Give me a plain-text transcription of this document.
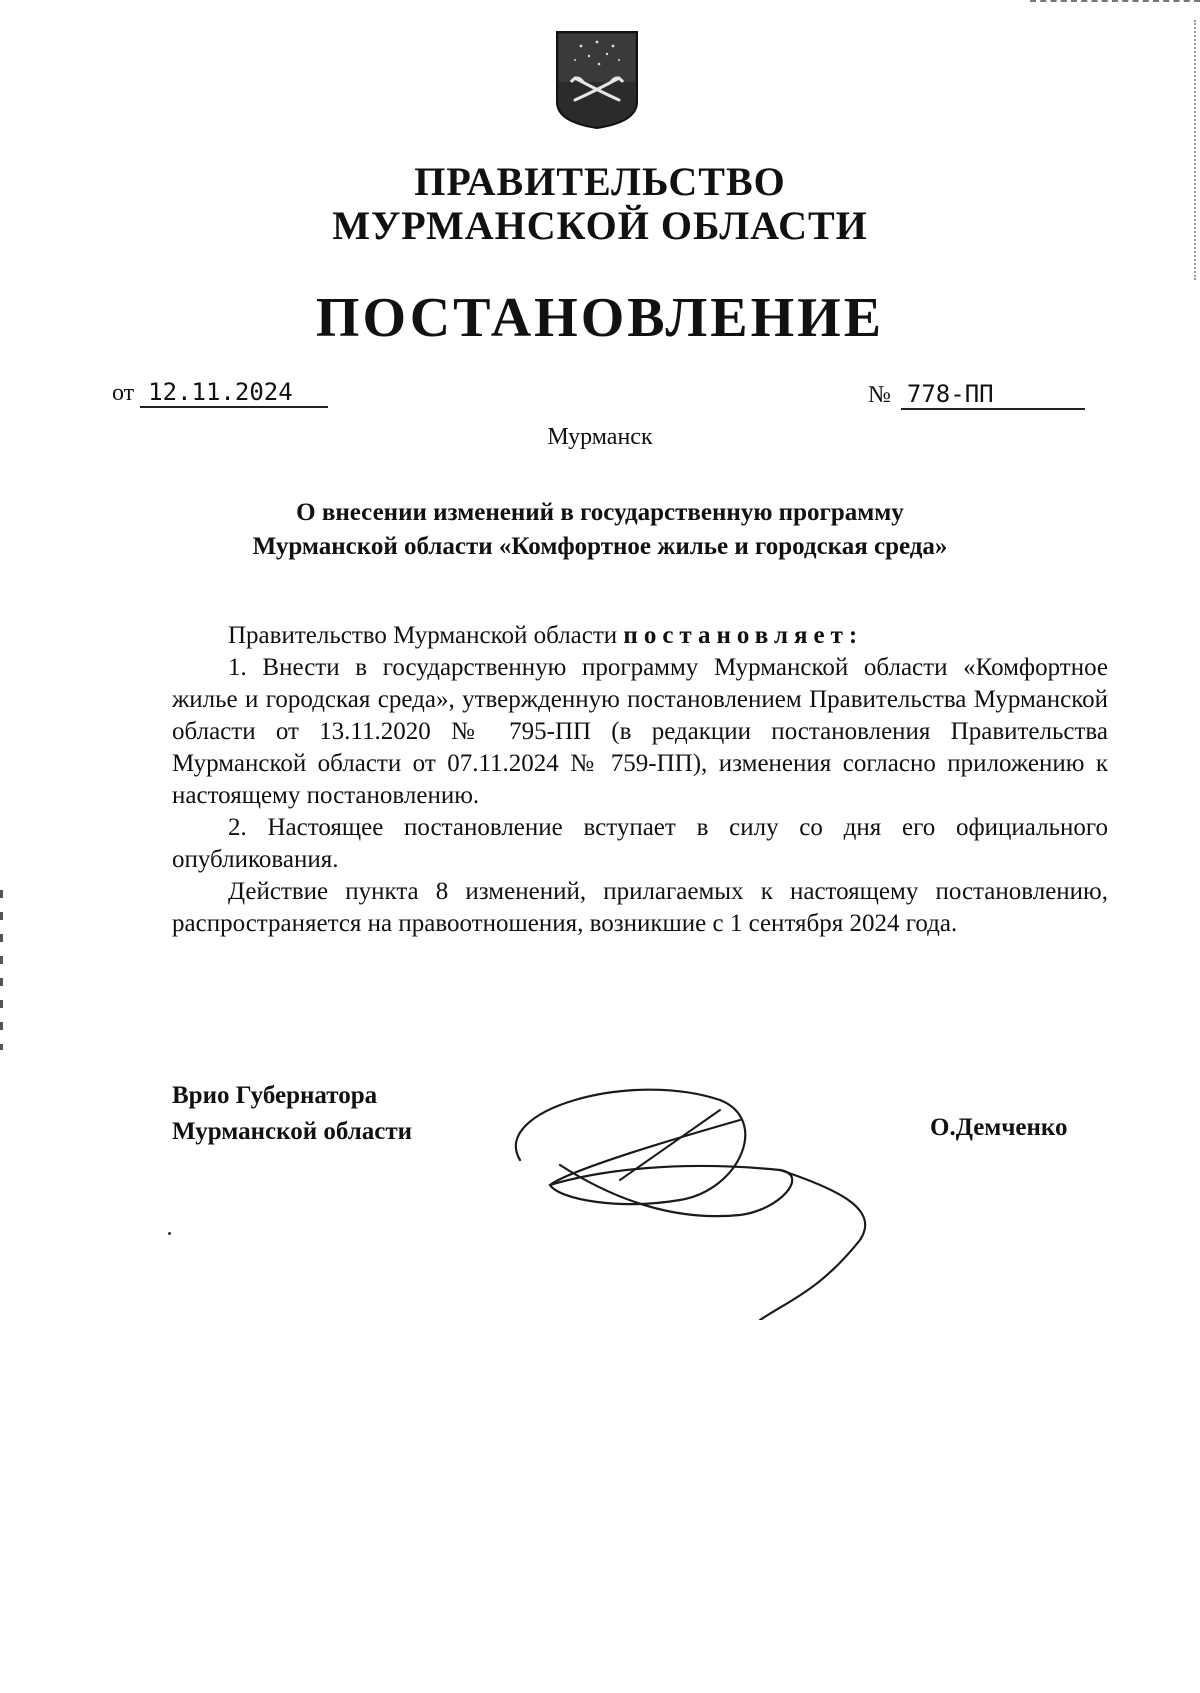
ПРАВИТЕЛЬСТВО
МУРМАНСКОЙ ОБЛАСТИ
ПОСТАНОВЛЕНИЕ
от 12.11.2024	№ 778-ПП
Мурманск
О внесении изменений в государственную программу
Мурманской области «Комфортное жилье и городская среда»

Правительство Мурманской области постановляет:

1. Внести в государственную программу Мурманской области «Комфортное жилье и городская среда», утвержденную постановлением Правительства Мурманской области от 13.11.2020 № 795-ПП (в редакции постановления Правительства Мурманской области от 07.11.2024 № 759-ПП), изменения согласно приложению к настоящему постановлению.

2. Настоящее постановление вступает в силу со дня его официального опубликования.

Действие пункта 8 изменений, прилагаемых к настоящему постановлению, распространяется на правоотношения, возникшие с 1 сентября 2024 года.

Врио Губернатора
Мурманской области	О.Демченко
